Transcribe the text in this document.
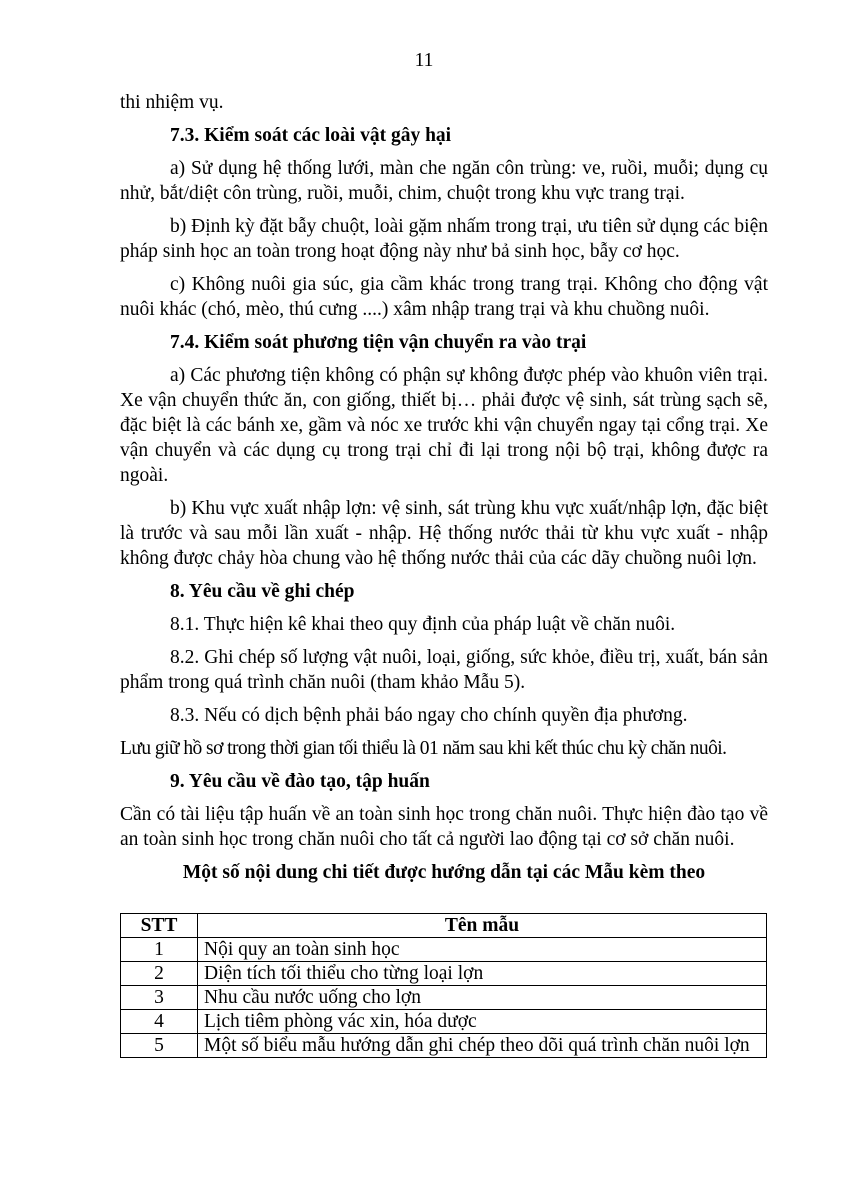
11

thi nhiệm vụ.

7.3. Kiểm soát các loài vật gây hại

a) Sử dụng hệ thống lưới, màn che ngăn côn trùng: ve, ruồi, muỗi; dụng cụ nhử, bắt/diệt côn trùng, ruồi, muỗi, chim, chuột trong khu vực trang trại.

b) Định kỳ đặt bẫy chuột, loài gặm nhấm trong trại, ưu tiên sử dụng các biện pháp sinh học an toàn trong hoạt động này như bả sinh học, bẫy cơ học.

c) Không nuôi gia súc, gia cầm khác trong trang trại. Không cho động vật nuôi khác (chó, mèo, thú cưng ....) xâm nhập trang trại và khu chuồng nuôi.

7.4. Kiểm soát phương tiện vận chuyển ra vào trại

a) Các phương tiện không có phận sự không được phép vào khuôn viên trại. Xe vận chuyển thức ăn, con giống, thiết bị… phải được vệ sinh, sát trùng sạch sẽ, đặc biệt là các bánh xe, gầm và nóc xe trước khi vận chuyển ngay tại cổng trại. Xe vận chuyển và các dụng cụ trong trại chỉ đi lại trong nội bộ trại, không được ra ngoài.

b) Khu vực xuất nhập lợn: vệ sinh, sát trùng khu vực xuất/nhập lợn, đặc biệt là trước và sau mỗi lần xuất - nhập. Hệ thống nước thải từ khu vực xuất - nhập không được chảy hòa chung vào hệ thống nước thải của các dãy chuồng nuôi lợn.

8. Yêu cầu về ghi chép

8.1. Thực hiện kê khai theo quy định của pháp luật về chăn nuôi.

8.2. Ghi chép số lượng vật nuôi, loại, giống, sức khỏe, điều trị, xuất, bán sản phẩm trong quá trình chăn nuôi (tham khảo Mẫu 5).

8.3. Nếu có dịch bệnh phải báo ngay cho chính quyền địa phương.

Lưu giữ hồ sơ trong thời gian tối thiểu là 01 năm sau khi kết thúc chu kỳ chăn nuôi.

9. Yêu cầu về đào tạo, tập huấn

Cần có tài liệu tập huấn về an toàn sinh học trong chăn nuôi. Thực hiện đào tạo về an toàn sinh học trong chăn nuôi cho tất cả người lao động tại cơ sở chăn nuôi.

Một số nội dung chi tiết được hướng dẫn tại các Mẫu kèm theo

STT	Tên mẫu
1	Nội quy an toàn sinh học
2	Diện tích tối thiểu cho từng loại lợn
3	Nhu cầu nước uống cho lợn
4	Lịch tiêm phòng vác xin, hóa dược
5	Một số biểu mẫu hướng dẫn ghi chép theo dõi quá trình chăn nuôi lợn
